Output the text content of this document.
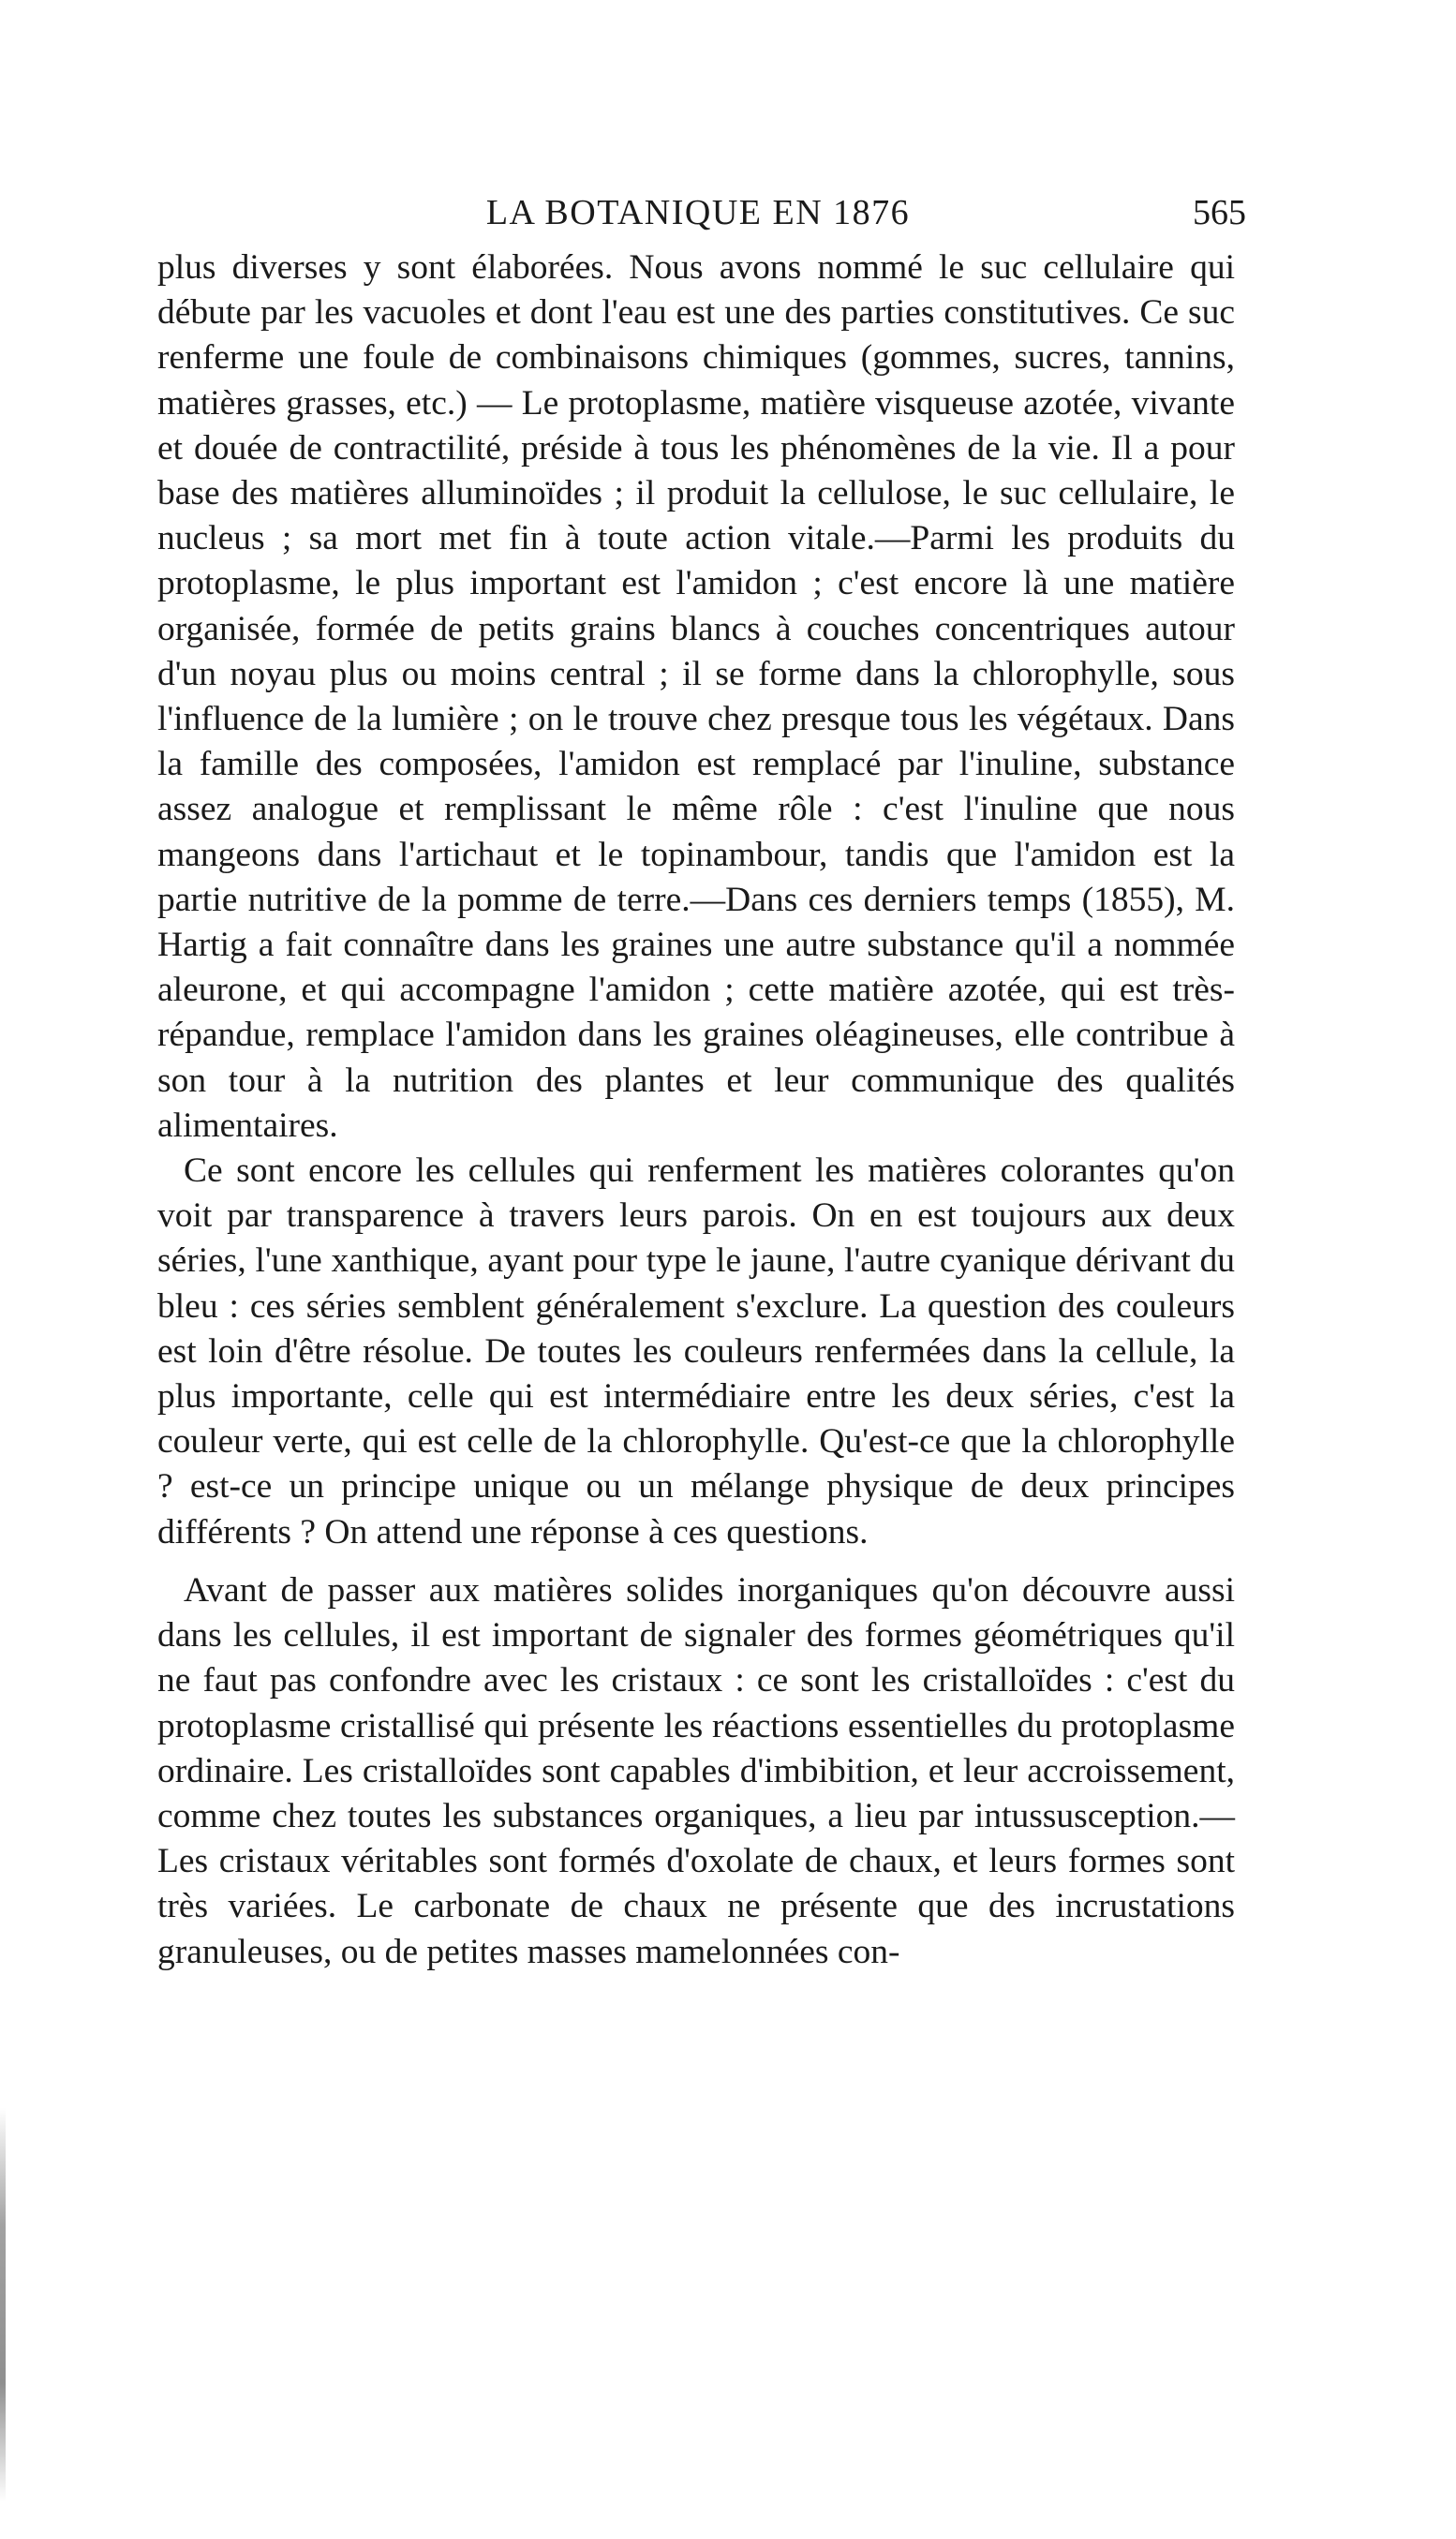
LA BOTANIQUE EN 1876	565

plus diverses y sont élaborées. Nous avons nommé le suc cellulaire qui débute par les vacuoles et dont l'eau est une des parties constitutives. Ce suc renferme une foule de combinaisons chimiques (gommes, sucres, tannins, matières grasses, etc.) — Le protoplasme, matière visqueuse azotée, vivante et douée de contractilité, préside à tous les phénomènes de la vie. Il a pour base des matières alluminoïdes ; il produit la cellulose, le suc cellulaire, le nucleus ; sa mort met fin à toute action vitale.—Parmi les produits du protoplasme, le plus important est l'amidon ; c'est encore là une matière organisée, formée de petits grains blancs à couches concentriques autour d'un noyau plus ou moins central ; il se forme dans la chlorophylle, sous l'influence de la lumière ; on le trouve chez presque tous les végétaux. Dans la famille des composées, l'amidon est remplacé par l'inuline, substance assez analogue et remplissant le même rôle : c'est l'inuline que nous mangeons dans l'artichaut et le topinambour, tandis que l'amidon est la partie nutritive de la pomme de terre.—Dans ces derniers temps (1855), M. Hartig a fait connaître dans les graines une autre substance qu'il a nommée aleurone, et qui accompagne l'amidon ; cette matière azotée, qui est très-répandue, remplace l'amidon dans les graines oléagineuses, elle contribue à son tour à la nutrition des plantes et leur communique des qualités alimentaires.

Ce sont encore les cellules qui renferment les matières colorantes qu'on voit par transparence à travers leurs parois. On en est toujours aux deux séries, l'une xanthique, ayant pour type le jaune, l'autre cyanique dérivant du bleu : ces séries semblent généralement s'exclure. La question des couleurs est loin d'être résolue. De toutes les couleurs renfermées dans la cellule, la plus importante, celle qui est intermédiaire entre les deux séries, c'est la couleur verte, qui est celle de la chlorophylle. Qu'est-ce que la chlorophylle ? est-ce un principe unique ou un mélange physique de deux principes différents ? On attend une réponse à ces questions.

Avant de passer aux matières solides inorganiques qu'on découvre aussi dans les cellules, il est important de signaler des formes géométriques qu'il ne faut pas confondre avec les cristaux : ce sont les cristalloïdes : c'est du protoplasme cristallisé qui présente les réactions essentielles du protoplasme ordinaire. Les cristalloïdes sont capables d'imbibition, et leur accroissement, comme chez toutes les substances organiques, a lieu par intussusception.— Les cristaux véritables sont formés d'oxolate de chaux, et leurs formes sont très variées. Le carbonate de chaux ne présente que des incrustations granuleuses, ou de petites masses mamelonnées con-
